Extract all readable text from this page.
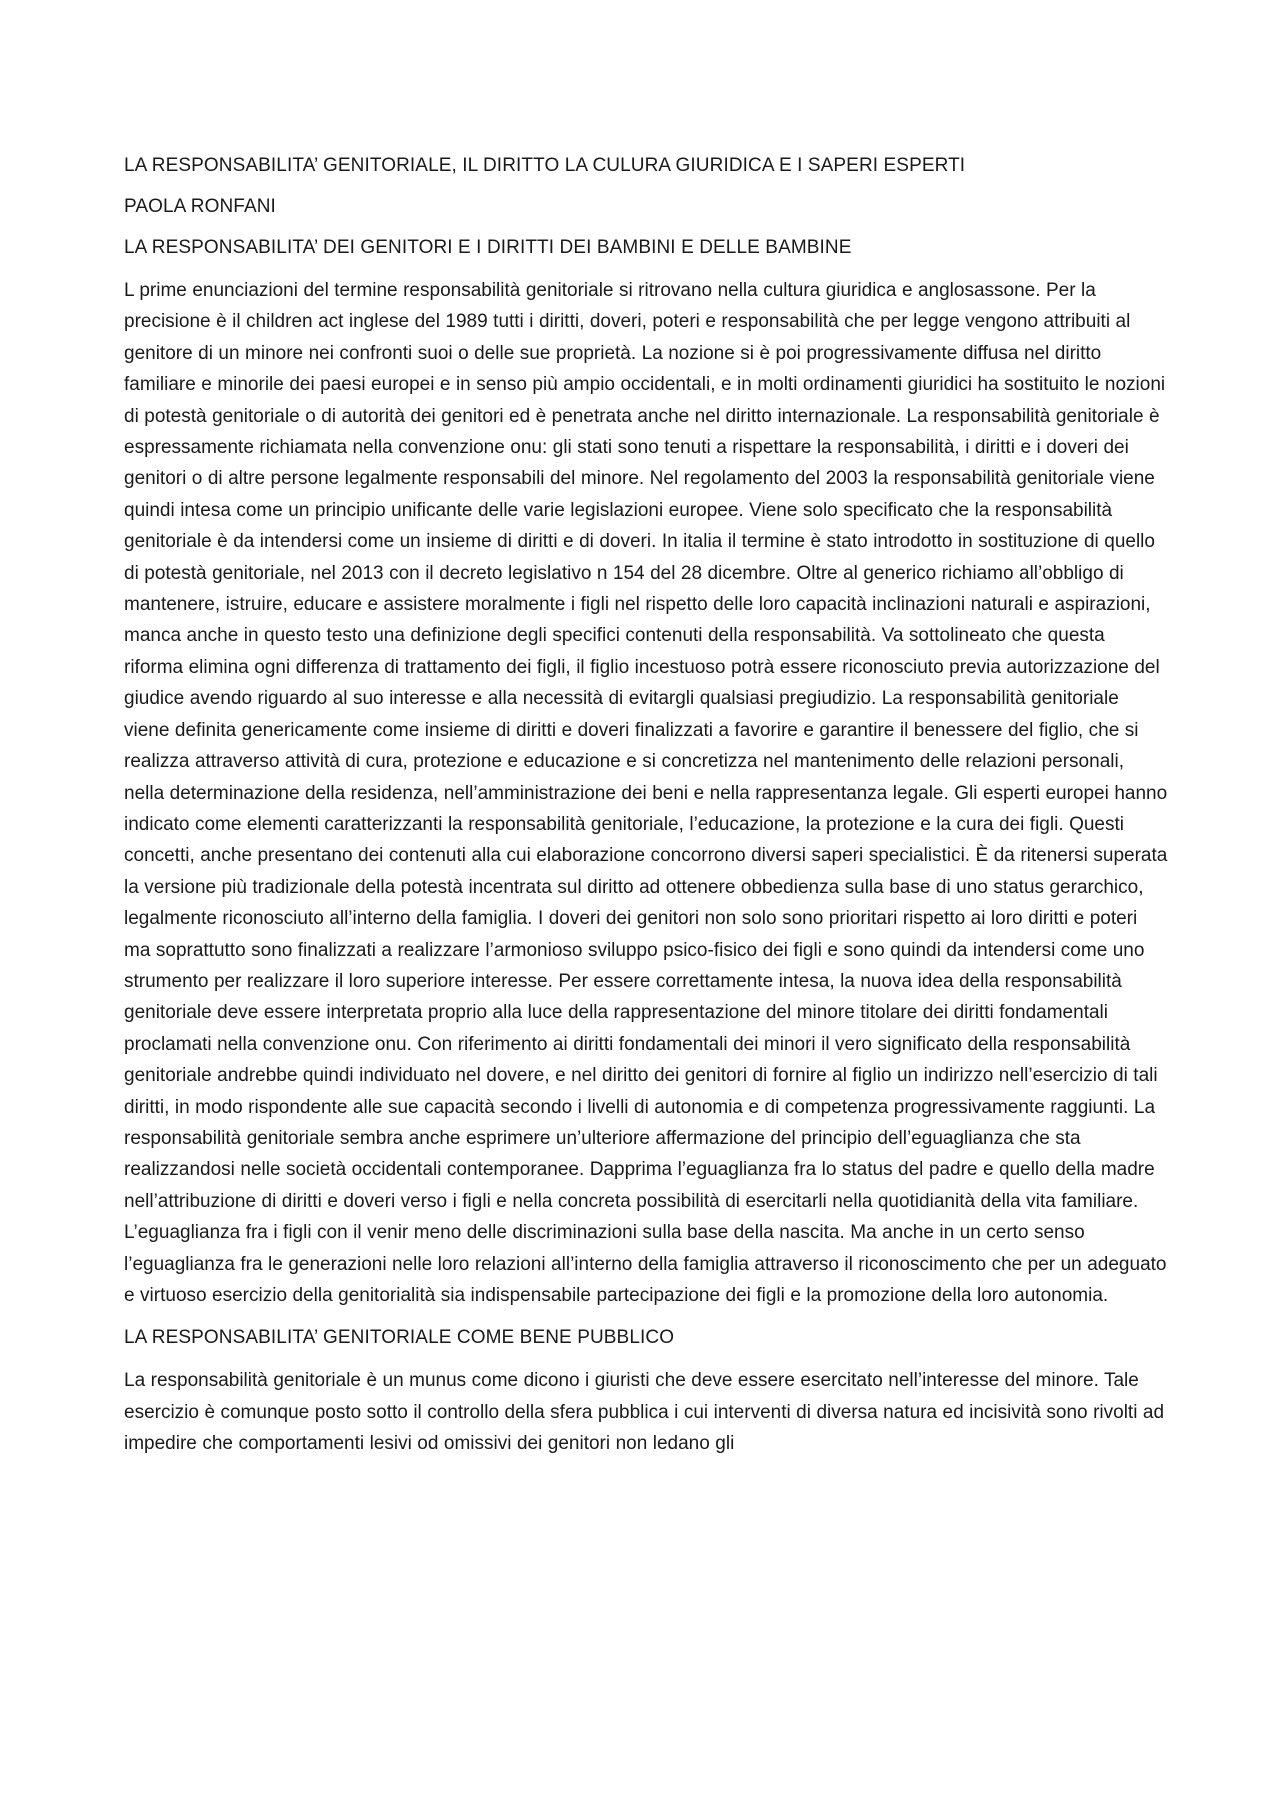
LA RESPONSABILITA’ GENITORIALE, IL DIRITTO LA CULURA GIURIDICA E I SAPERI ESPERTI

PAOLA RONFANI

LA RESPONSABILITA’ DEI GENITORI E I DIRITTI DEI BAMBINI E DELLE BAMBINE

L prime enunciazioni del termine responsabilità genitoriale si ritrovano nella cultura giuridica e anglosassone. Per la precisione è il children act inglese del 1989 tutti i diritti, doveri, poteri e responsabilità che per legge vengono attribuiti al genitore di un minore nei confronti suoi o delle sue proprietà. La nozione si è poi progressivamente diffusa nel diritto familiare e minorile dei paesi europei e in senso più ampio occidentali, e in molti ordinamenti giuridici ha sostituito le nozioni di potestà genitoriale o di autorità dei genitori ed è penetrata anche nel diritto internazionale. La responsabilità genitoriale è espressamente richiamata nella convenzione onu: gli stati sono tenuti a rispettare la responsabilità, i diritti e i doveri dei genitori o di altre persone legalmente responsabili del minore. Nel regolamento del 2003 la responsabilità genitoriale viene quindi intesa come un principio unificante delle varie legislazioni europee. Viene solo specificato che la responsabilità genitoriale è da intendersi come un insieme di diritti e di doveri. In italia il termine è stato introdotto in sostituzione di quello di potestà genitoriale, nel 2013 con il decreto legislativo n 154 del 28 dicembre. Oltre al generico richiamo all’obbligo di mantenere, istruire, educare e assistere moralmente i figli nel rispetto delle loro capacità inclinazioni naturali e aspirazioni, manca anche in questo testo una definizione degli specifici contenuti della responsabilità. Va sottolineato che questa riforma elimina ogni differenza di trattamento dei figli, il figlio incestuoso potrà essere riconosciuto previa autorizzazione del giudice avendo riguardo al suo interesse e alla necessità di evitargli qualsiasi pregiudizio. La responsabilità genitoriale viene definita genericamente come insieme di diritti e doveri finalizzati a favorire e garantire il benessere del figlio, che si realizza attraverso attività di cura, protezione e educazione e si concretizza nel mantenimento delle relazioni personali, nella determinazione della residenza, nell’amministrazione dei beni e nella rappresentanza legale. Gli esperti europei hanno indicato come elementi caratterizzanti la responsabilità genitoriale, l’educazione, la protezione e la cura dei figli. Questi concetti, anche presentano dei contenuti alla cui elaborazione concorrono diversi saperi specialistici. È da ritenersi superata la versione più tradizionale della potestà incentrata sul diritto ad ottenere obbedienza sulla base di uno status gerarchico, legalmente riconosciuto all’interno della famiglia. I doveri dei genitori non solo sono prioritari rispetto ai loro diritti e poteri ma soprattutto sono finalizzati a realizzare l’armonioso sviluppo psico-fisico dei figli e sono quindi da intendersi come uno strumento per realizzare il loro superiore interesse. Per essere correttamente intesa, la nuova idea della responsabilità genitoriale deve essere interpretata proprio alla luce della rappresentazione del minore titolare dei diritti fondamentali proclamati nella convenzione onu. Con riferimento ai diritti fondamentali dei minori il vero significato della responsabilità genitoriale andrebbe quindi individuato nel dovere, e nel diritto dei genitori di fornire al figlio un indirizzo nell’esercizio di tali diritti, in modo rispondente alle sue capacità secondo i livelli di autonomia e di competenza progressivamente raggiunti. La responsabilità genitoriale sembra anche esprimere un’ulteriore affermazione del principio dell’eguaglianza che sta realizzandosi nelle società occidentali contemporanee. Dapprima l’eguaglianza fra lo status del padre e quello della madre nell’attribuzione di diritti e doveri verso i figli e nella concreta possibilità di esercitarli nella quotidianità della vita familiare. L’eguaglianza fra i figli con il venir meno delle discriminazioni sulla base della nascita. Ma anche in un certo senso l’eguaglianza fra le generazioni nelle loro relazioni all’interno della famiglia attraverso il riconoscimento che per un adeguato e virtuoso esercizio della genitorialità sia indispensabile partecipazione dei figli e la promozione della loro autonomia.

LA RESPONSABILITA’ GENITORIALE COME BENE PUBBLICO

La responsabilità genitoriale è un munus come dicono i giuristi che deve essere esercitato nell’interesse del minore. Tale esercizio è comunque posto sotto il controllo della sfera pubblica i cui interventi di diversa natura ed incisività sono rivolti ad impedire che comportamenti lesivi od omissivi dei genitori non ledano gli
